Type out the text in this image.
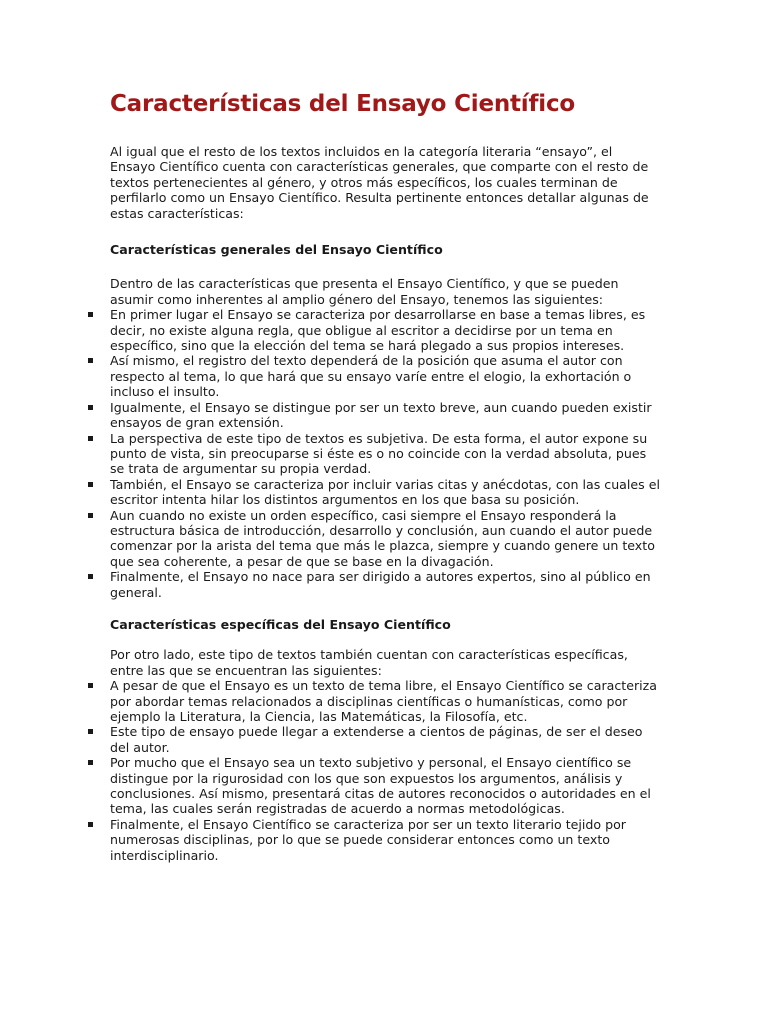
Características del Ensayo Científico

Al igual que el resto de los textos incluidos en la categoría literaria “ensayo”, el Ensayo Científico cuenta con características generales, que comparte con el resto de textos pertenecientes al género, y otros más específicos, los cuales terminan de perfilarlo como un Ensayo Científico. Resulta pertinente entonces detallar algunas de estas características:

Características generales del Ensayo Científico

Dentro de las características que presenta el Ensayo Científico, y que se pueden asumir como inherentes al amplio género del Ensayo, tenemos las siguientes:

En primer lugar el Ensayo se caracteriza por desarrollarse en base a temas libres, es decir, no existe alguna regla, que obligue al escritor a decidirse por un tema en específico, sino que la elección del tema se hará plegado a sus propios intereses.
Así mismo, el registro del texto dependerá de la posición que asuma el autor con respecto al tema, lo que hará que su ensayo varíe entre el elogio, la exhortación o incluso el insulto.
Igualmente, el Ensayo se distingue por ser un texto breve, aun cuando pueden existir ensayos de gran extensión.
La perspectiva de este tipo de textos es subjetiva. De esta forma, el autor expone su punto de vista, sin preocuparse si éste es o no coincide con la verdad absoluta, pues se trata de argumentar su propia verdad.
También, el Ensayo se caracteriza por incluir varias citas y anécdotas, con las cuales el escritor intenta hilar los distintos argumentos en los que basa su posición.
Aun cuando no existe un orden específico, casi siempre el Ensayo responderá la estructura básica de introducción, desarrollo y conclusión, aun cuando el autor puede comenzar por la arista del tema que más le plazca, siempre y cuando genere un texto que sea coherente, a pesar de que se base en la divagación.
Finalmente, el Ensayo no nace para ser dirigido a autores expertos, sino al público en general.

Características específicas del Ensayo Científico

Por otro lado, este tipo de textos también cuentan con características específicas, entre las que se encuentran las siguientes:

A pesar de que el Ensayo es un texto de tema libre, el Ensayo Científico se caracteriza por abordar temas relacionados a disciplinas científicas o humanísticas, como por ejemplo la Literatura, la Ciencia, las Matemáticas, la Filosofía, etc.
Este tipo de ensayo puede llegar a extenderse a cientos de páginas, de ser el deseo del autor.
Por mucho que el Ensayo sea un texto subjetivo y personal, el Ensayo científico se distingue por la rigurosidad con los que son expuestos los argumentos, análisis y conclusiones. Así mismo, presentará citas de autores reconocidos o autoridades en el tema, las cuales serán registradas de acuerdo a normas metodológicas.
Finalmente, el Ensayo Científico se caracteriza por ser un texto literario tejido por numerosas disciplinas, por lo que se puede considerar entonces como un texto interdisciplinario.
